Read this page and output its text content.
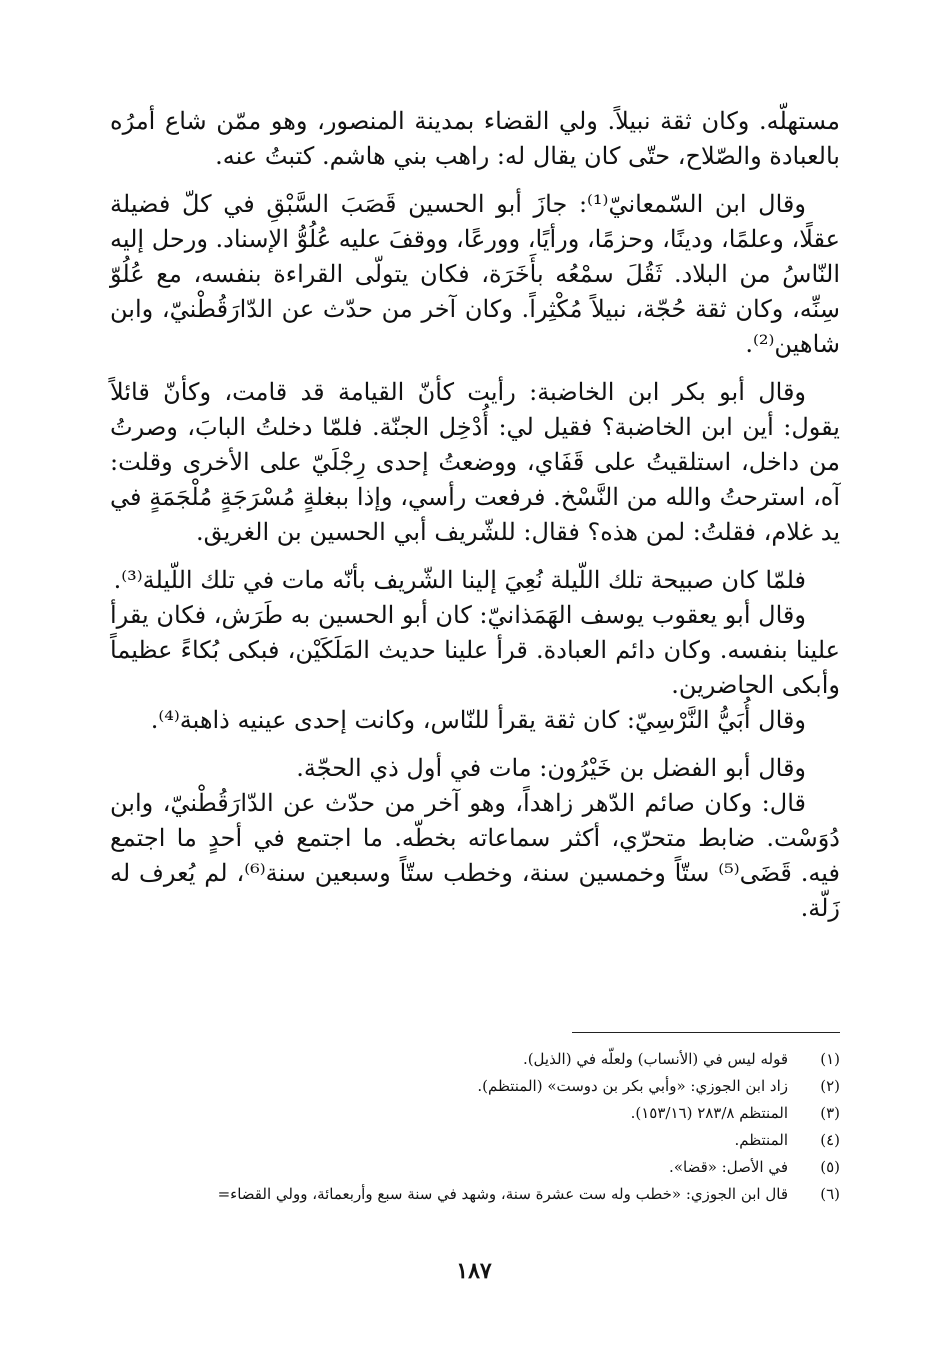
مستهلّه. وكان ثقة نبيلاً. ولي القضاء بمدينة المنصور، وهو ممّن شاع أمرُه بالعبادة والصّلاح، حتّى كان يقال له: راهب بني هاشم. كتبتُ عنه.

وقال ابن السّمعانيّ⁽¹⁾: جازَ أبو الحسين قَصَبَ السَّبْقِ في كلّ فضيلة عقلًا، وعلمًا، ودينًا، وحزمًا، ورأيًا، وورعًا، ووقفَ عليه عُلُوُّ الإسناد. ورحل إليه النّاسُ من البلاد. ثَقُلَ سمْعُه بأَخَرَة، فكان يتولّى القراءة بنفسه، مع عُلُوّ سِنِّه، وكان ثقة حُجّة، نبيلاً مُكْثِراً. وكان آخر من حدّث عن الدّارَقُطْنيّ، وابن شاهين⁽²⁾.

وقال أبو بكر ابن الخاضبة: رأيت كأنّ القيامة قد قامت، وكأنّ قائلاً يقول: أين ابن الخاضبة؟ فقيل لي: أُدْخِل الجنّة. فلمّا دخلتُ البابَ، وصرتُ من داخل، استلقيتُ على قَفَاي، ووضعتُ إحدى رِجْلَيّ على الأخرى وقلت: آه، استرحتُ والله من النَّسْخ. فرفعت رأسي، وإذا ببغلةٍ مُسْرَجَةٍ مُلْجَمَةٍ في يد غلام، فقلتُ: لمن هذه؟ فقال: للشّريف أبي الحسين بن الغريق.

فلمّا كان صبيحة تلك اللّيلة نُعِيَ إلينا الشّريف بأنّه مات في تلك اللّيلة⁽³⁾.

وقال أبو يعقوب يوسف الهَمَذانيّ: كان أبو الحسين به طَرَش، فكان يقرأ علينا بنفسه. وكان دائم العبادة. قرأ علينا حديث المَلَكَيْن، فبكى بُكاءً عظيماً وأبكى الحاضرين.

وقال أُبَيُّ النَّرْسِيّ: كان ثقة يقرأ للنّاس، وكانت إحدى عينيه ذاهبة⁽⁴⁾.

وقال أبو الفضل بن خَيْرُون: مات في أول ذي الحجّة.

قال: وكان صائم الدّهر زاهداً، وهو آخر من حدّث عن الدّارَقُطْنيّ، وابن دُوَسْت. ضابط متحرّي، أكثر سماعاته بخطّه. ما اجتمع في أحدٍ ما اجتمع فيه. قَضَى⁽⁵⁾ ستّاً وخمسين سنة، وخطب ستّاً وسبعين سنة⁽⁶⁾، لم يُعرف له زَلّة.

(١)
قوله ليس في (الأنساب) ولعلّه في (الذيل).
(٢)
زاد ابن الجوزي: «وأبي بكر بن دوست» (المنتظم).
(٣)
المنتظم ٢٨٣/٨ (١٥٣/١٦).
(٤)
المنتظم.
(٥)
في الأصل: «قضا».
(٦)
قال ابن الجوزي: «خطب وله ست عشرة سنة، وشهد في سنة سبع وأربعمائة، وولي القضاء=
١٨٧
